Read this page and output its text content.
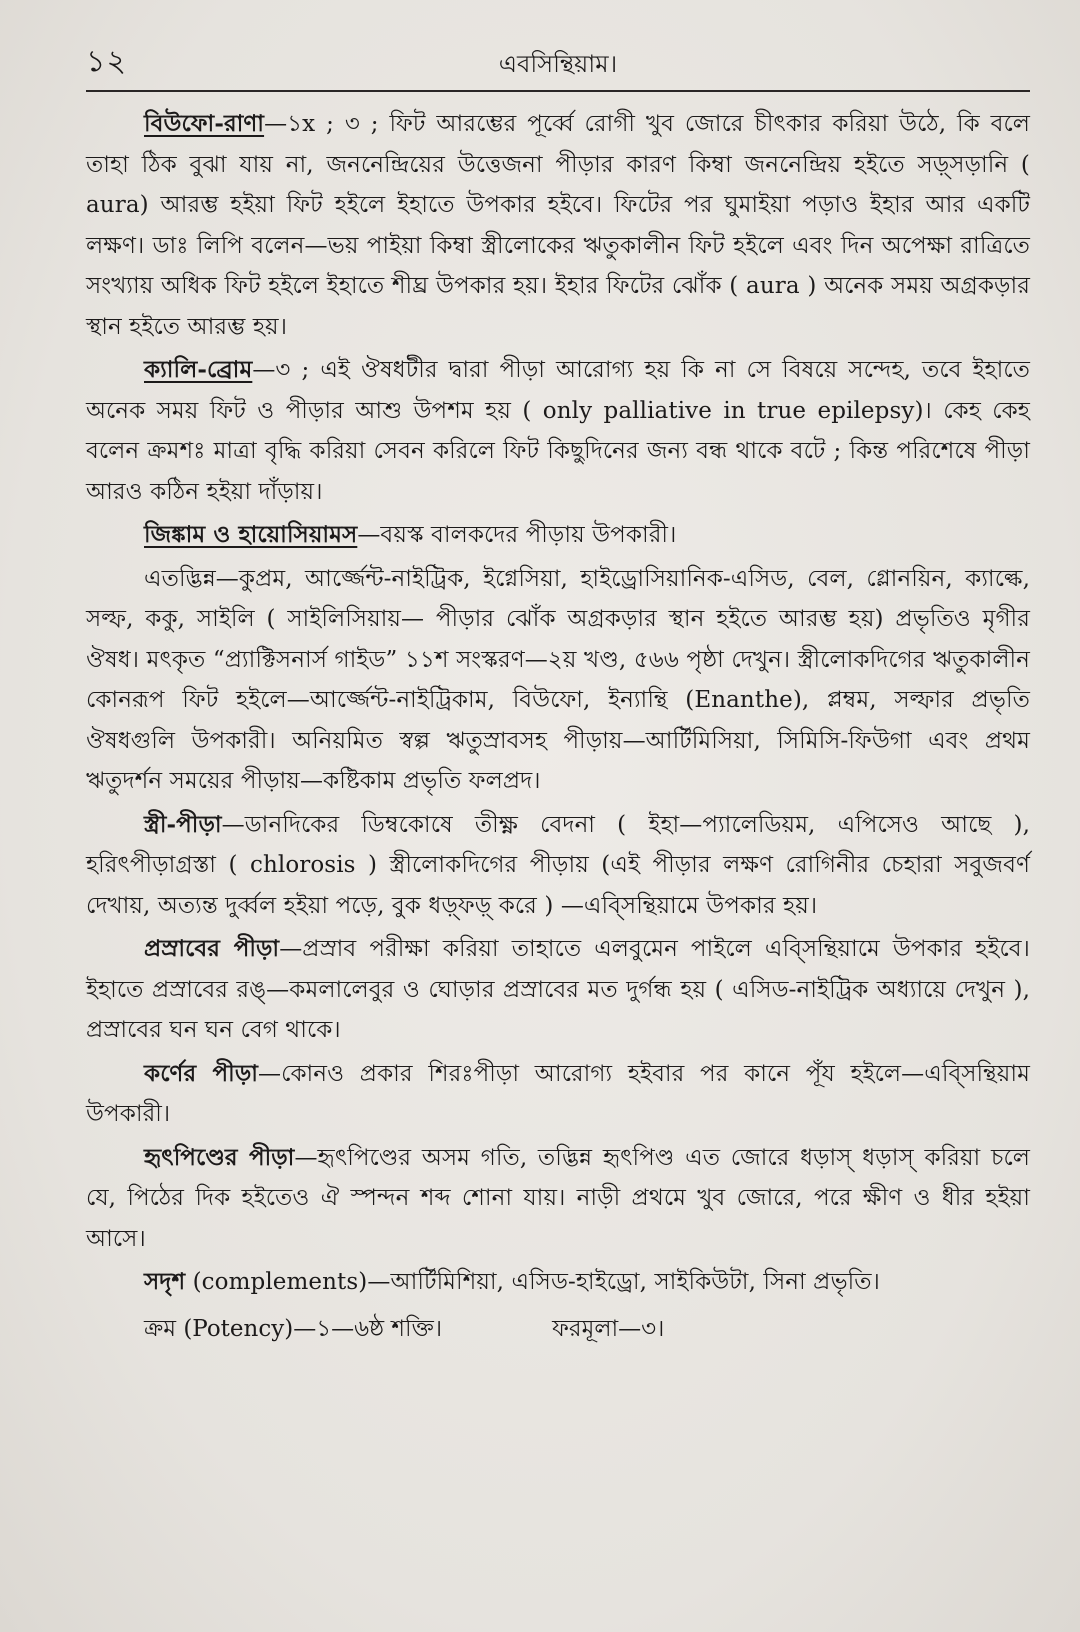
১২	এবসিন্থিয়াম।

বিউফো-রাণা—১x ; ৩ ; ফিট আরম্ভের পূর্ব্বে রোগী খুব জোরে চীৎকার করিয়া উঠে, কি বলে তাহা ঠিক বুঝা যায় না, জননেন্দ্রিয়ের উত্তেজনা পীড়ার কারণ কিম্বা জননেন্দ্রিয় হইতে সড়্সড়ানি ( aura) আরম্ভ হইয়া ফিট হইলে ইহাতে উপকার হইবে। ফিটের পর ঘুমাইয়া পড়াও ইহার আর একটি লক্ষণ। ডাঃ লিপি বলেন—ভয় পাইয়া কিম্বা স্ত্রীলোকের ঋতুকালীন ফিট হইলে এবং দিন অপেক্ষা রাত্রিতে সংখ্যায় অধিক ফিট হইলে ইহাতে শীঘ্র উপকার হয়। ইহার ফিটের ঝোঁক ( aura ) অনেক সময় অগ্রকড়ার স্থান হইতে আরম্ভ হয়।

ক্যালি-ব্রোম—৩ ; এই ঔষধটীর দ্বারা পীড়া আরোগ্য হয় কি না সে বিষয়ে সন্দেহ, তবে ইহাতে অনেক সময় ফিট ও পীড়ার আশু উপশম হয় ( only palliative in true epilepsy)। কেহ কেহ বলেন ক্রমশঃ মাত্রা বৃদ্ধি করিয়া সেবন করিলে ফিট কিছুদিনের জন্য বন্ধ থাকে বটে ; কিন্ত পরিশেষে পীড়া আরও কঠিন হইয়া দাঁড়ায়।

জিঙ্কাম ও হায়োসিয়ামস—বয়স্ক বালকদের পীড়ায় উপকারী।

এতদ্ভিন্ন—কুপ্রম, আর্জ্জেন্ট-নাইট্রিক, ইগ্নেসিয়া, হাইড্রোসিয়ানিক-এসিড, বেল, গ্লোনয়িন, ক্যাল্কে, সল্ফ, ককু, সাইলি ( সাইলিসিয়ায়— পীড়ার ঝোঁক অগ্রকড়ার স্থান হইতে আরম্ভ হয়) প্রভৃতিও মৃগীর ঔষধ। মৎকৃত “প্র্যাক্টিসনার্স গাইড” ১১শ সংস্করণ—২য় খণ্ড, ৫৬৬ পৃষ্ঠা দেখুন। স্ত্রীলোকদিগের ঋতুকালীন কোনরূপ ফিট হইলে—আর্জ্জেন্ট-নাইট্রিকাম, বিউফো, ইন্যান্থি (Enanthe), প্লম্বম, সল্ফার প্রভৃতি ঔষধগুলি উপকারী। অনিয়মিত স্বল্প ঋতুস্রাবসহ পীড়ায়—আর্টিমিসিয়া, সিমিসি-ফিউগা এবং প্রথম ঋতুদর্শন সময়ের পীড়ায়—কষ্টিকাম প্রভৃতি ফলপ্রদ।

স্ত্রী-পীড়া—ডানদিকের ডিম্বকোষে তীক্ষ্ণ বেদনা ( ইহা—প্যালেডিয়ম, এপিসেও আছে ), হরিৎপীড়াগ্রস্তা ( chlorosis ) স্ত্রীলোকদিগের পীড়ায় (এই পীড়ার লক্ষণ রোগিনীর চেহারা সবুজবর্ণ দেখায়, অত্যন্ত দুর্ব্বল হইয়া পড়ে, বুক ধড়্ফড়্ করে ) —এব্সিন্থিয়ামে উপকার হয়।

প্রস্রাবের পীড়া—প্রস্রাব পরীক্ষা করিয়া তাহাতে এলবুমেন পাইলে এব্সিন্থিয়ামে উপকার হইবে। ইহাতে প্রস্রাবের রঙ্—কমলালেবুর ও ঘোড়ার প্রস্রাবের মত দুর্গন্ধ হয় ( এসিড-নাইট্রিক অধ্যায়ে দেখুন ), প্রস্রাবের ঘন ঘন বেগ থাকে।

কর্ণের পীড়া—কোনও প্রকার শিরঃপীড়া আরোগ্য হইবার পর কানে পূঁয হইলে—এব্সিন্থিয়াম উপকারী।

হৃৎপিণ্ডের পীড়া—হৃৎপিণ্ডের অসম গতি, তদ্ভিন্ন হৃৎপিণ্ড এত জোরে ধড়াস্ ধড়াস্ করিয়া চলে যে, পিঠের দিক হইতেও ঐ স্পন্দন শব্দ শোনা যায়। নাড়ী প্রথমে খুব জোরে, পরে ক্ষীণ ও ধীর হইয়া আসে।

সদৃশ (complements)—আর্টিমিশিয়া, এসিড-হাইড্রো, সাইকিউটা, সিনা প্রভৃতি।

ক্রম (Potency)—১—৬ষ্ঠ শক্তি।	ফরমূলা—৩।
